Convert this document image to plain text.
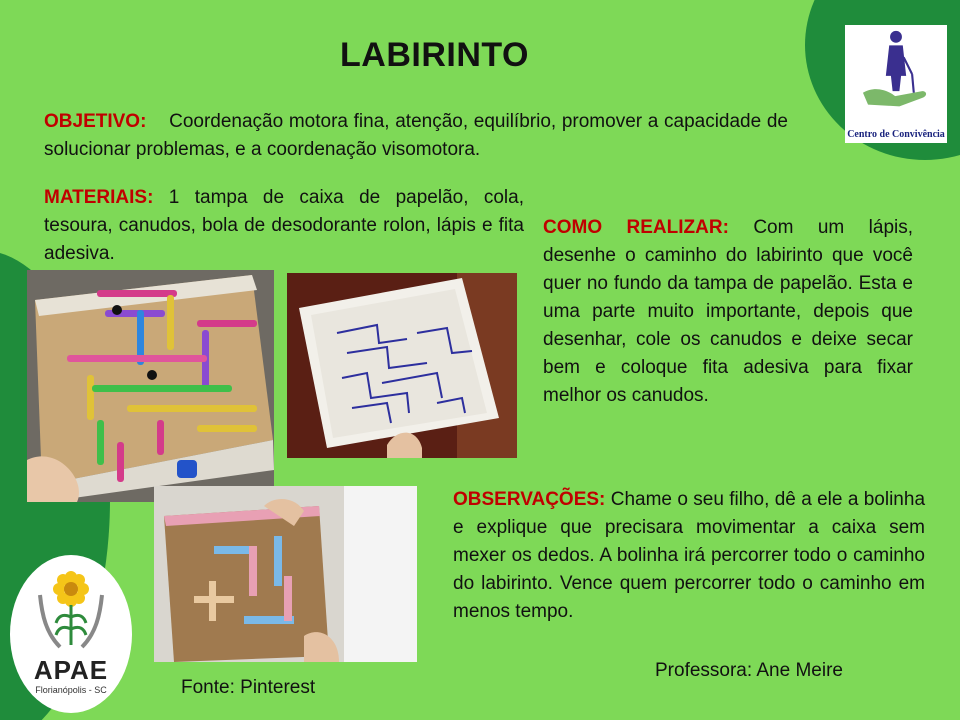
LABIRINTO
OBJETIVO: Coordenação motora fina, atenção, equilíbrio, promover a capacidade de solucionar problemas, e a coordenação visomotora.
MATERIAIS: 1 tampa de caixa de papelão, cola, tesoura, canudos, bola de desodorante rolon, lápis e fita adesiva.
COMO REALIZAR: Com um lápis, desenhe o caminho do labirinto que você quer no fundo da tampa de papelão. Esta e uma parte muito importante, depois que desenhar, cole os canudos e deixe secar bem e coloque fita adesiva para fixar melhor os canudos.
OBSERVAÇÕES: Chame o seu filho, dê a ele a bolinha e explique que precisara movimentar a caixa sem mexer os dedos. A bolinha irá percorrer todo o caminho do labirinto. Vence quem percorrer todo o caminho em menos tempo.
Professora: Ane Meire
Fonte: Pinterest
Centro de Convivência
APAE
Florianópolis - SC
